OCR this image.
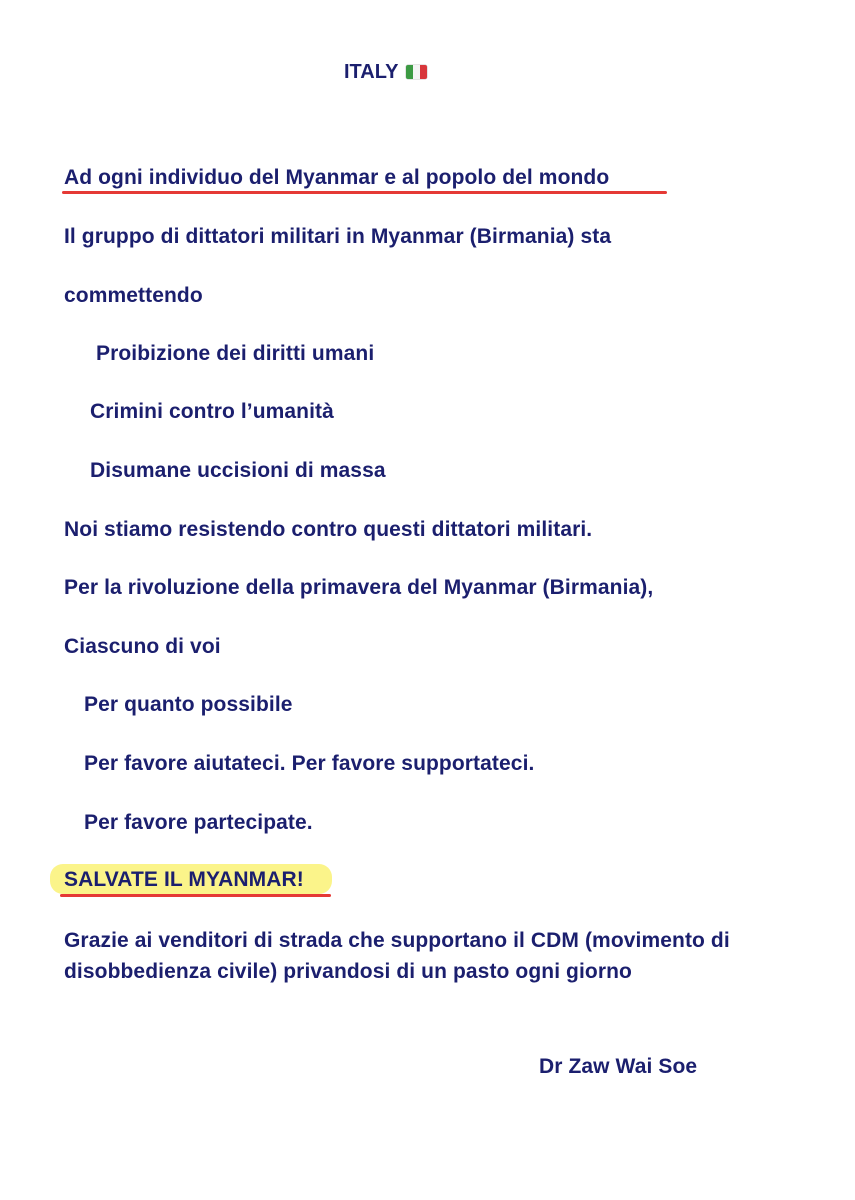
ITALY
Ad ogni individuo del Myanmar e al popolo del mondo
Il gruppo di dittatori militari in Myanmar (Birmania) sta
commettendo
Proibizione dei diritti umani
Crimini contro l’umanità
Disumane uccisioni di massa
Noi stiamo resistendo contro questi dittatori militari.
Per la rivoluzione della primavera del Myanmar (Birmania),
Ciascuno di voi
Per quanto possibile
Per favore aiutateci. Per favore supportateci.
Per favore partecipate.
SALVATE IL MYANMAR!
Grazie ai venditori di strada che supportano il CDM (movimento di disobbedienza civile) privandosi di un pasto ogni giorno
Dr Zaw Wai Soe
